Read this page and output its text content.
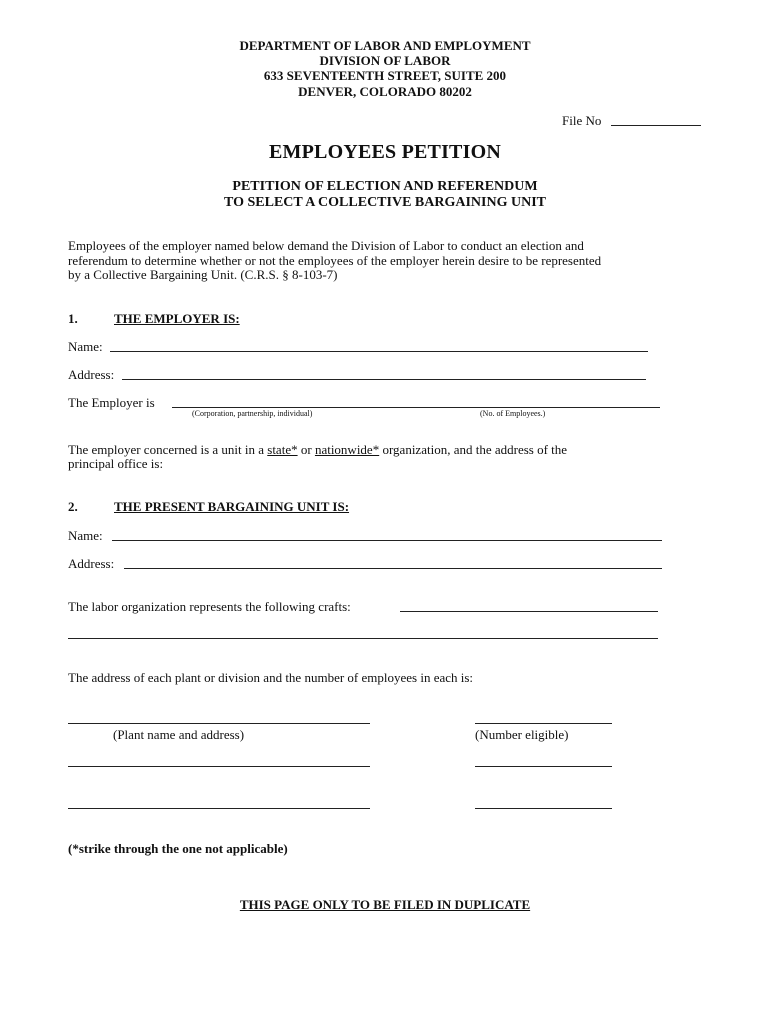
DEPARTMENT OF LABOR AND EMPLOYMENT
DIVISION OF LABOR
633 SEVENTEENTH STREET, SUITE 200
DENVER, COLORADO 80202
File No
EMPLOYEES PETITION
PETITION OF ELECTION AND REFERENDUM
TO SELECT A COLLECTIVE BARGAINING UNIT
Employees of the employer named below demand the Division of Labor to conduct an election and
referendum to determine whether or not the employees of the employer herein desire to be represented
by a Collective Bargaining Unit. (C.R.S. § 8-103-7)
1.	THE EMPLOYER IS:
Name:
Address:
The Employer is
(Corporation, partnership, individual)	(No. of Employees.)
The employer concerned is a unit in a state* or nationwide* organization, and the address of the
principal office is:
2.	THE PRESENT BARGAINING UNIT IS:
Name:
Address:
The labor organization represents the following crafts:
The address of each plant or division and the number of employees in each is:
(Plant name and address)	(Number eligible)
(*strike through the one not applicable)
THIS PAGE ONLY TO BE FILED IN DUPLICATE
